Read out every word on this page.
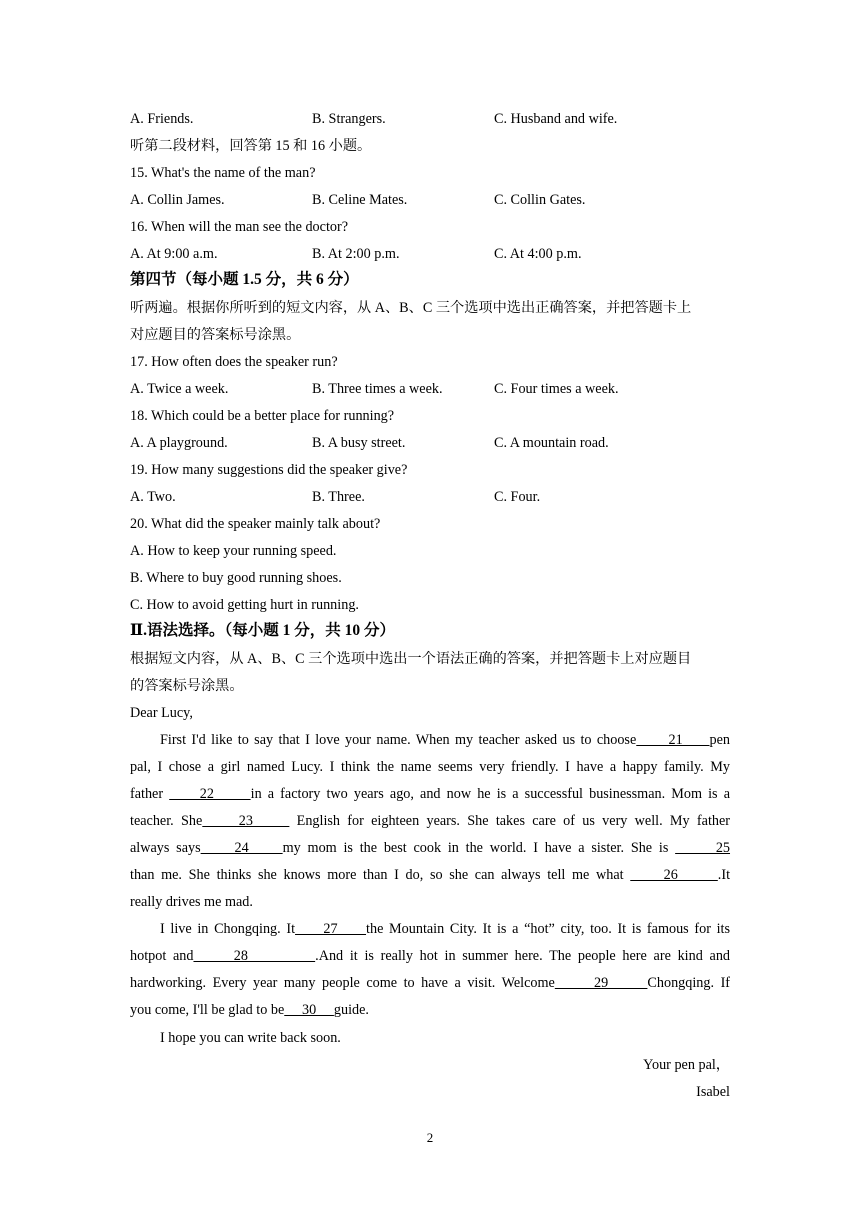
A. Friends.	B. Strangers.	C. Husband and wife.
听第二段材料，回答第 15 和 16 小题。
15. What's the name of the man?
A. Collin James.	B. Celine Mates.	C. Collin Gates.
16. When will the man see the doctor?
A. At 9:00 a.m.	B. At 2:00 p.m.	C. At 4:00 p.m.
第四节（每小题 1.5 分，共 6 分）
听两遍。根据你所听到的短文内容，从 A、B、C 三个选项中选出正确答案，并把答题卡上
对应题目的答案标号涂黑。
17. How often does the speaker run?
A. Twice a week.	B. Three times a week.	C. Four times a week.
18. Which could be a better place for running?
A. A playground.	B. A busy street.	C. A mountain road.
19. How many suggestions did the speaker give?
A. Two.	B. Three.	C. Four.
20. What did the speaker mainly talk about?
A. How to keep your running speed.
B. Where to buy good running shoes.
C. How to avoid getting hurt in running.
Ⅱ.语法选择。（每小题 1 分，共 10 分）
根据短文内容，从 A、B、C 三个选项中选出一个语法正确的答案，并把答题卡上对应题目
的答案标号涂黑。
Dear Lucy,
First I'd like to say that I love your name. When my teacher asked us to choose      21     pen
pal, I chose a girl named Lucy. I think the name seems very friendly. I have a happy family. My
father      22      in a factory two years ago, and now he is a successful businessman. Mom is a
teacher. She     23      English for eighteen years. She takes care of us very well. My father
always says     24     my mom is the best cook in the world. I have a sister. She is       25
than me. She thinks she knows more than I do, so she can always tell me what      26      .It
really drives me mad.
I live in Chongqing. It     27     the Mountain City. It is a “hot” city, too. It is famous for its
hotpot and      28          .And it is really hot in summer here. The people here are kind and
hardworking. Every year many people come to have a visit. Welcome      29      Chongqing. If
you come, I'll be glad to be     30     guide.
I hope you can write back soon.
Your pen pal，
Isabel
2
